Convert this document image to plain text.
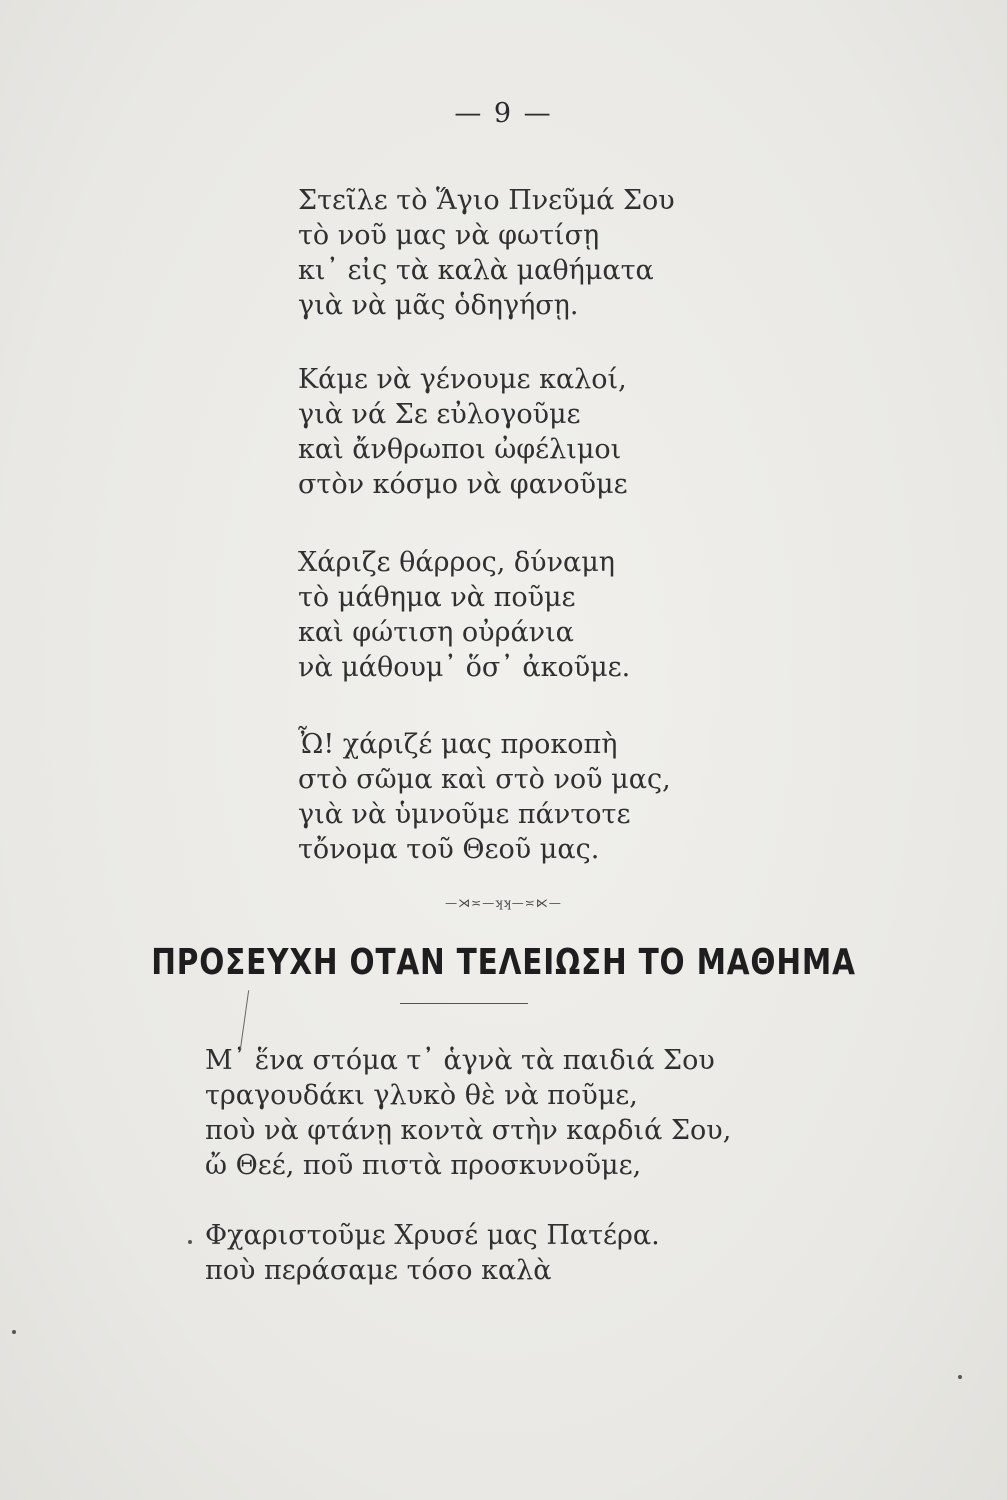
— 9 —
Στεῖλε τὸ Ἅγιο Πνεῦμά Σου
τὸ νοῦ μας νὰ φωτίσῃ
κι᾽ εἰς τὰ καλὰ μαθήματα
γιὰ νὰ μᾶς ὁδηγήσῃ.
Κάμε νὰ γένουμε καλοί,
γιὰ νά Σε εὐλογοῦμε
καὶ ἄνθρωποι ὠφέλιμοι
στὸν κόσμο νὰ φανοῦμε
Χάριζε θάρρος, δύναμη
τὸ μάθημα νὰ ποῦμε
καὶ φώτιση οὐράνια
νὰ μάθουμ᾽ ὅσ᾽ ἀκοῦμε.
Ὦ! χάριζέ μας προκοπὴ
στὸ σῶμα καὶ στὸ νοῦ μας,
γιὰ νὰ ὑμνοῦμε πάντοτε
τὄνομα τοῦ Θεοῦ μας.
—⋊≍—ʞʞ—≍⋉—
ΠΡΟΣΕΥΧΗ ΟΤΑΝ ΤΕΛΕΙΩΣΗ ΤΟ ΜΑΘΗΜΑ
Μ᾽ ἕνα στόμα τ᾽ ἁγνὰ τὰ παιδιά Σου
τραγουδάκι γλυκὸ θὲ νὰ ποῦμε,
ποὺ νὰ φτάνῃ κοντὰ στὴν καρδιά Σου,
ὤ Θεέ, ποῦ πιστὰ προσκυνοῦμε,
Φχαριστοῦμε Χρυσέ μας Πατέρα.
ποὺ περάσαμε τόσο καλὰ
